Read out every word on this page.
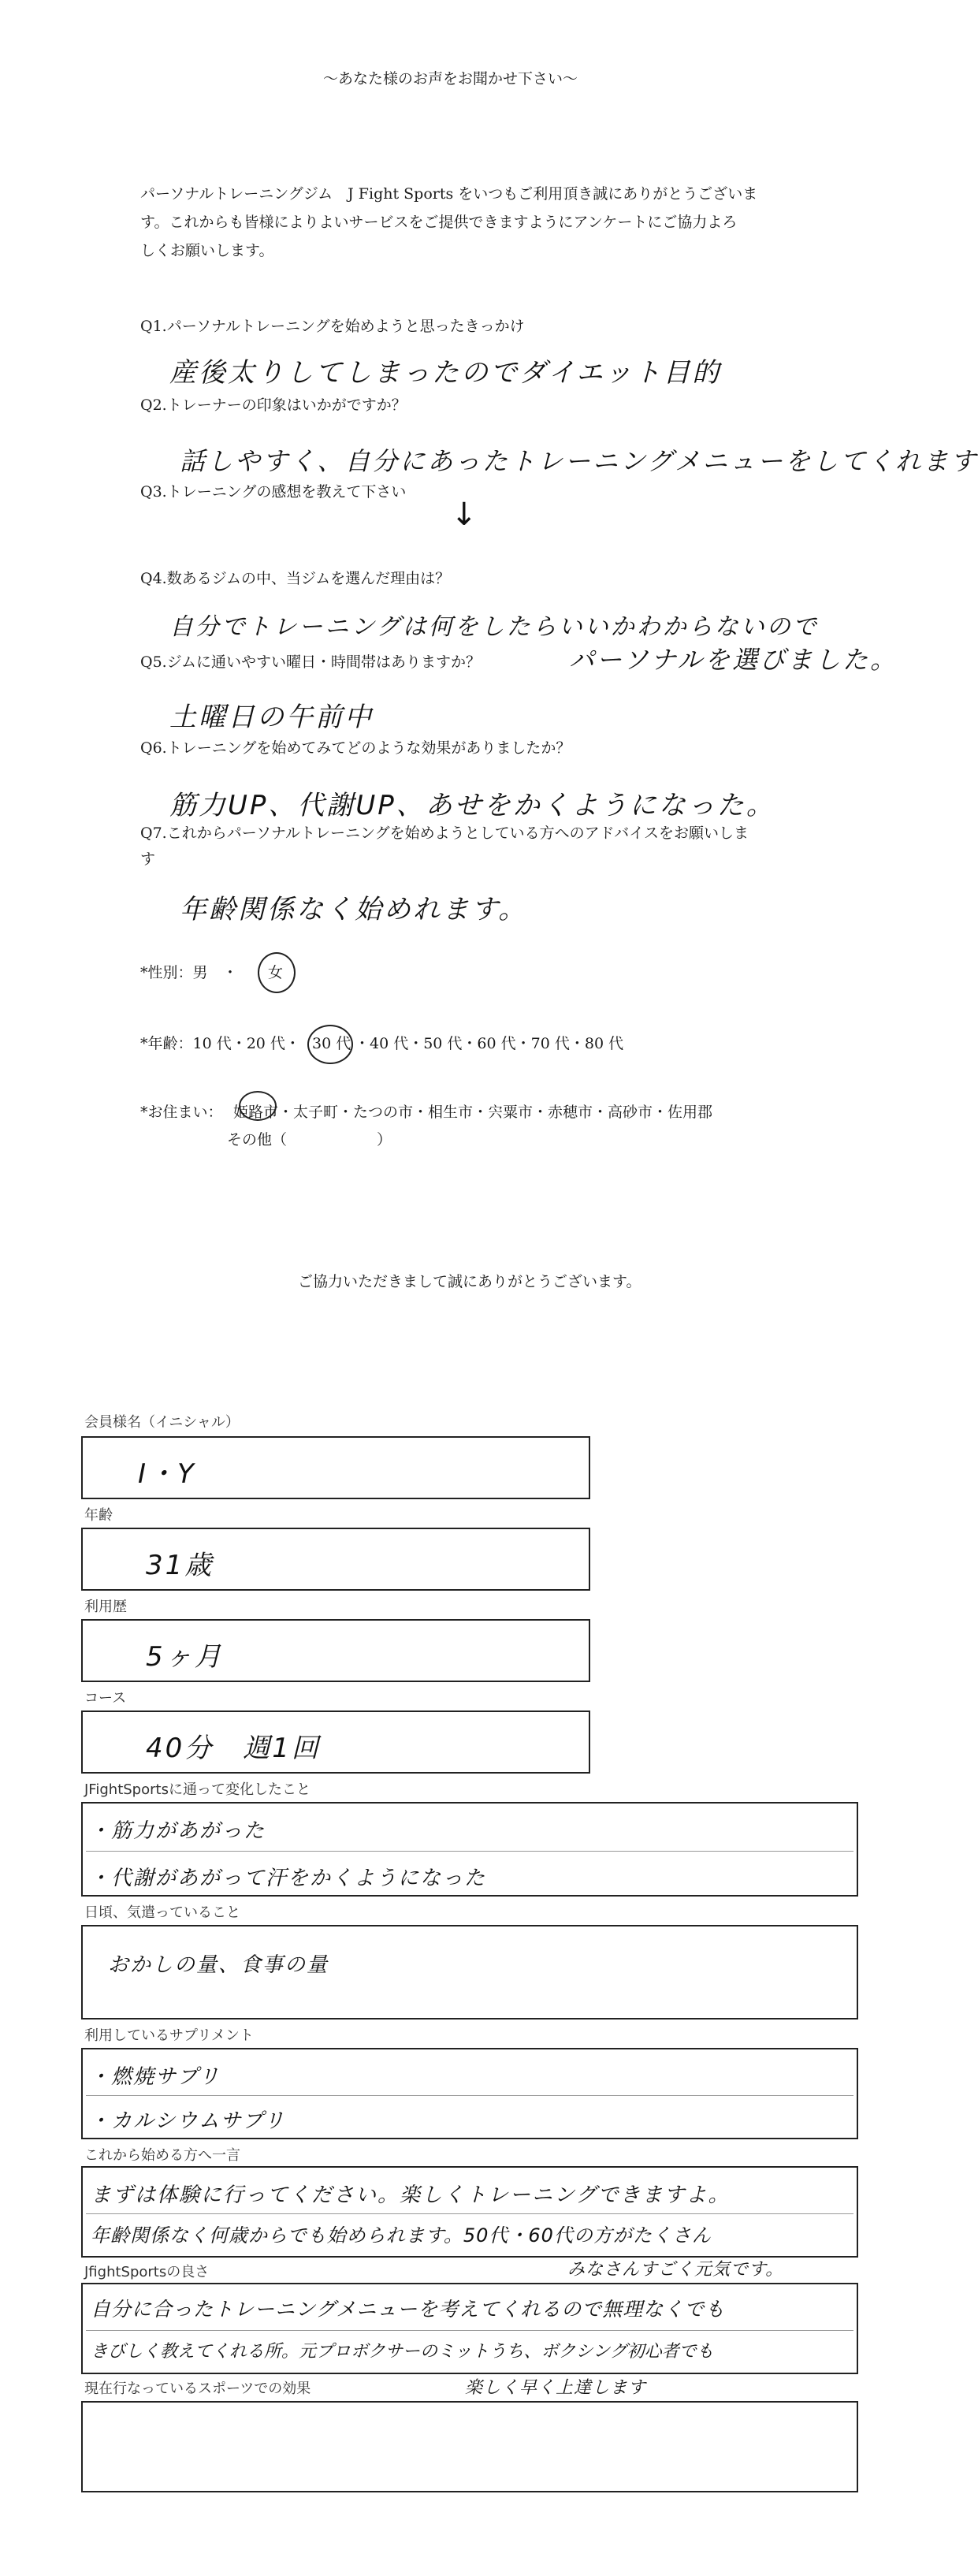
～あなた様のお声をお聞かせ下さい～
パーソナルトレーニングジム　J Fight Sports をいつもご利用頂き誠にありがとうございま
す。これからも皆様によりよいサービスをご提供できますようにアンケートにご協力よろ
しくお願いします。
Q1.パーソナルトレーニングを始めようと思ったきっかけ
産後太りしてしまったのでダイエット目的
Q2.トレーナーの印象はいかがですか？
話しやすく、自分にあったトレーニングメニューをしてくれます
Q3.トレーニングの感想を教えて下さい
↓
Q4.数あるジムの中、当ジムを選んだ理由は？
自分でトレーニングは何をしたらいいかわからないので
パーソナルを選びました。
Q5.ジムに通いやすい曜日・時間帯はありますか？
土曜日の午前中
Q6.トレーニングを始めてみてどのような効果がありましたか？
筋力UP、代謝UP、あせをかくようになった。
Q7.これからパーソナルトレーニングを始めようとしている方へのアドバイスをお願いしま
す
年齢関係なく始めれます。
*性別：男　・ 女
*年齢：10 代・20 代・ 30 代 ・40 代・50 代・60 代・70 代・80 代
*お住まい： 姫路市 ・太子町・たつの市・相生市・宍粟市・赤穂市・高砂市・佐用郡
その他（　　　　　　）
ご協力いただきまして誠にありがとうございます。
会員様名（イニシャル）
I・Y
年齢
31歳
利用歴
5ヶ月
コース
40分　週1回
JFightSportsに通って変化したこと
・筋力があがった
・代謝があがって汗をかくようになった
日頃、気遣っていること
おかしの量、食事の量
利用しているサプリメント
・燃焼サプリ
・カルシウムサプリ
これから始める方へ一言
まずは体験に行ってください。楽しくトレーニングできますよ。
年齢関係なく何歳からでも始められます。50代・60代の方がたくさん
みなさんすごく元気です。
JfightSportsの良さ
自分に合ったトレーニングメニューを考えてくれるので無理なくでも
きびしく教えてくれる所。元プロボクサーのミットうち、ボクシング初心者でも
楽しく早く上達します
現在行なっているスポーツでの効果
